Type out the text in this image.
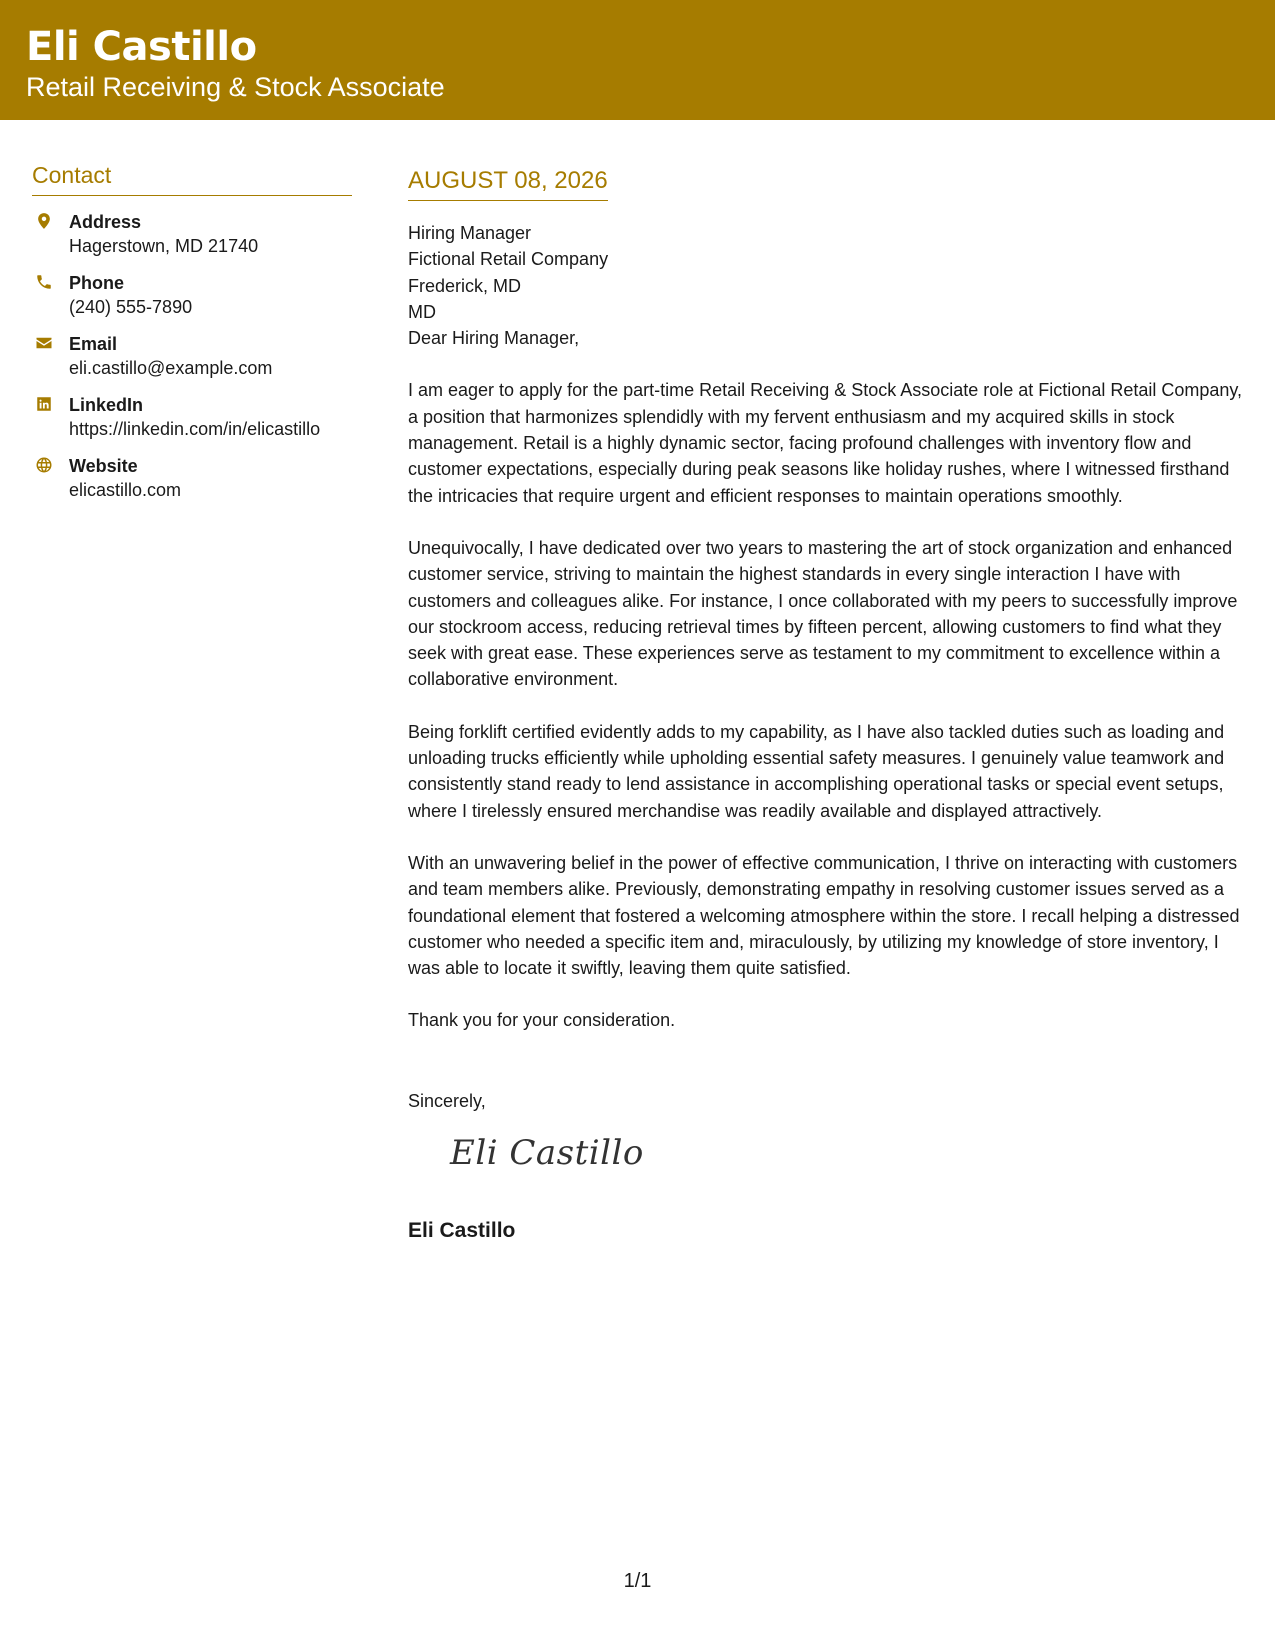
Eli Castillo
Retail Receiving & Stock Associate
Contact
Address
Hagerstown, MD 21740
Phone
(240) 555-7890
Email
eli.castillo@example.com
LinkedIn
https://linkedin.com/in/elicastillo
Website
elicastillo.com
AUGUST 08, 2026
Hiring Manager
Fictional Retail Company
Frederick, MD
MD

Dear Hiring Manager,

I am eager to apply for the part-time Retail Receiving & Stock Associate role at Fictional Retail Company, a position that harmonizes splendidly with my fervent enthusiasm and my acquired skills in stock management. Retail is a highly dynamic sector, facing profound challenges with inventory flow and customer expectations, especially during peak seasons like holiday rushes, where I witnessed firsthand the intricacies that require urgent and efficient responses to maintain operations smoothly.

Unequivocally, I have dedicated over two years to mastering the art of stock organization and enhanced customer service, striving to maintain the highest standards in every single interaction I have with customers and colleagues alike. For instance, I once collaborated with my peers to successfully improve our stockroom access, reducing retrieval times by fifteen percent, allowing customers to find what they seek with great ease. These experiences serve as testament to my commitment to excellence within a collaborative environment.

Being forklift certified evidently adds to my capability, as I have also tackled duties such as loading and unloading trucks efficiently while upholding essential safety measures. I genuinely value teamwork and consistently stand ready to lend assistance in accomplishing operational tasks or special event setups, where I tirelessly ensured merchandise was readily available and displayed attractively.

With an unwavering belief in the power of effective communication, I thrive on interacting with customers and team members alike. Previously, demonstrating empathy in resolving customer issues served as a foundational element that fostered a welcoming atmosphere within the store. I recall helping a distressed customer who needed a specific item and, miraculously, by utilizing my knowledge of store inventory, I was able to locate it swiftly, leaving them quite satisfied.

Thank you for your consideration.

Sincerely,

Eli Castillo
Eli Castillo
1/1
